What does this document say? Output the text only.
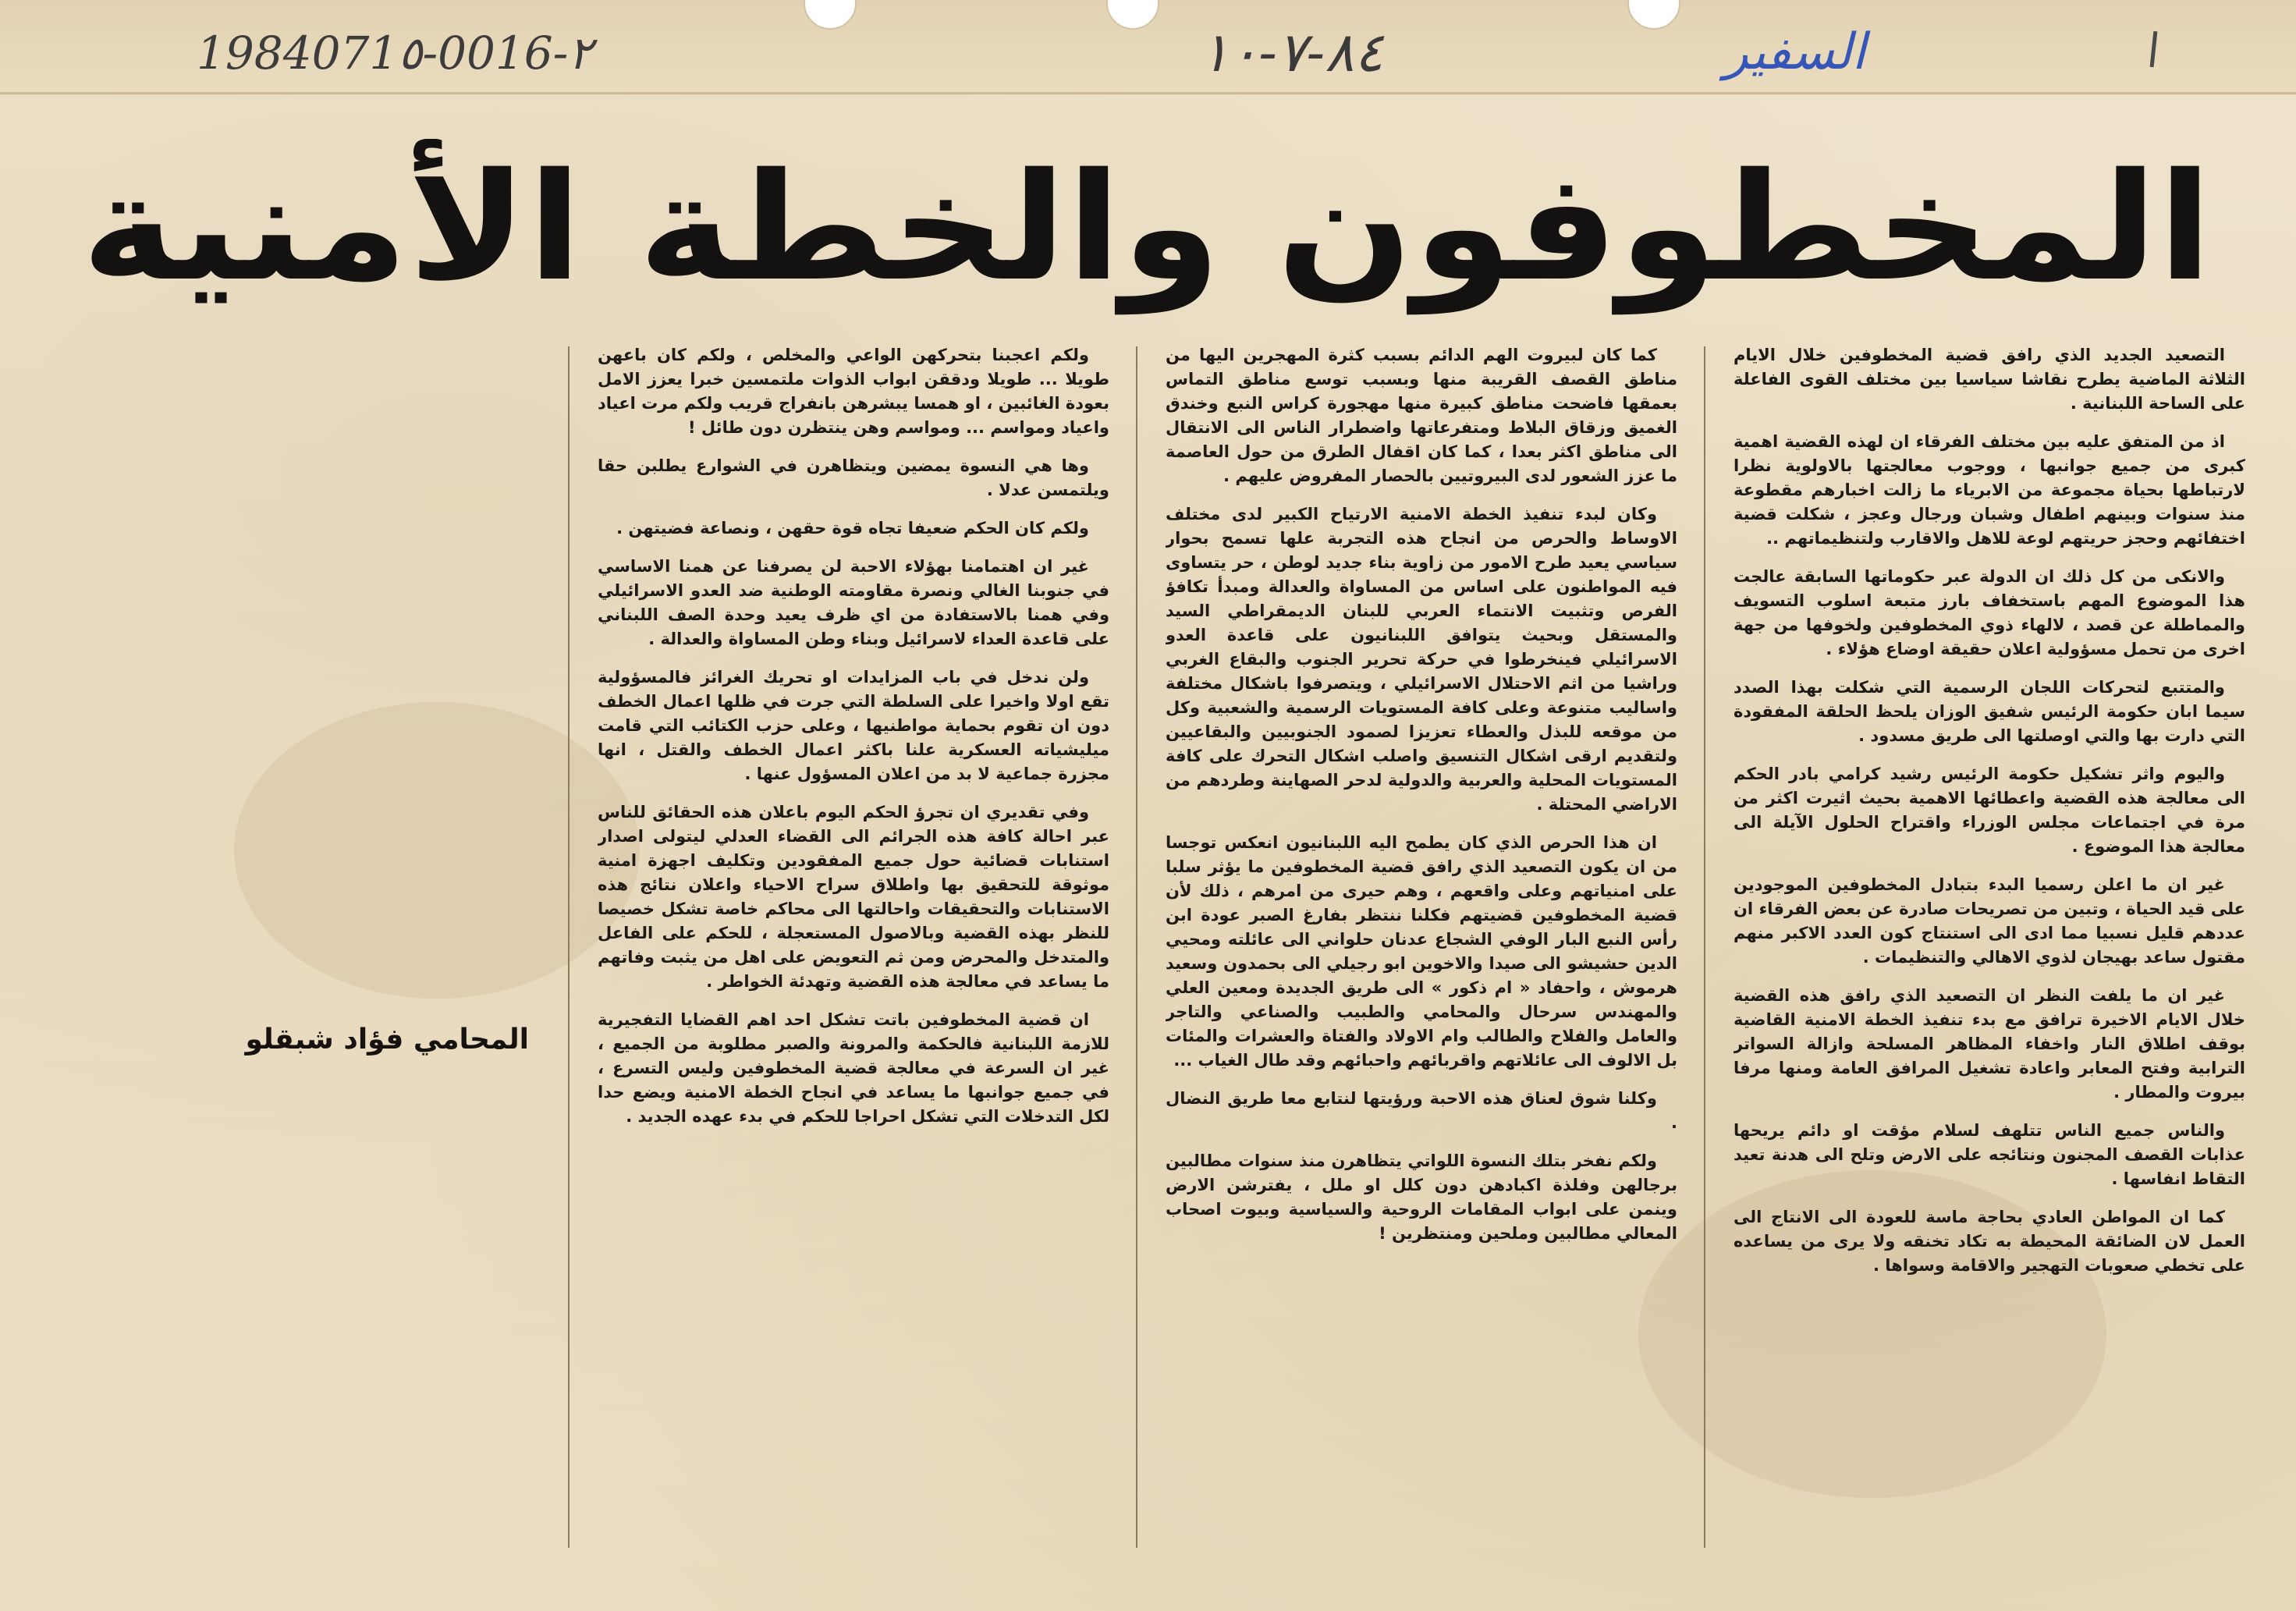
1984071٥-0016-٢	٨٤-٧-١٠	السفير
المخطوفون والخطة الأمنية

التصعيد الجديد الذي رافق قضية المخطوفين خلال الايام الثلاثة الماضية يطرح نقاشا سياسيا بين مختلف القوى الفاعلة على الساحة اللبنانية .

اذ من المتفق عليه بين مختلف الفرقاء ان لهذه القضية اهمية كبرى من جميع جوانبها ، ووجوب معالجتها بالاولوية نظرا لارتباطها بحياة مجموعة من الابرياء ما زالت اخبارهم مقطوعة منذ سنوات وبينهم اطفال وشبان ورجال وعجز ، شكلت قضية اختفائهم وحجز حريتهم لوعة للاهل والاقارب ولتنظيماتهم ..

والانكى من كل ذلك ان الدولة عبر حكوماتها السابقة عالجت هذا الموضوع المهم باستخفاف بارز متبعة اسلوب التسويف والمماطلة عن قصد ، لالهاء ذوي المخطوفين ولخوفها من جهة اخرى من تحمل مسؤولية اعلان حقيقة اوضاع هؤلاء .

والمتتبع لتحركات اللجان الرسمية التي شكلت بهذا الصدد سيما ابان حكومة الرئيس شفيق الوزان يلحظ الحلقة المفقودة التي دارت بها والتي اوصلتها الى طريق مسدود .

واليوم واثر تشكيل حكومة الرئيس رشيد كرامي بادر الحكم الى معالجة هذه القضية واعطائها الاهمية بحيث اثيرت اكثر من مرة في اجتماعات مجلس الوزراء واقتراح الحلول الآيلة الى معالجة هذا الموضوع .

غير ان ما اعلن رسميا البدء بتبادل المخطوفين الموجودين على قيد الحياة ، وتبين من تصريحات صادرة عن بعض الفرقاء ان عددهم قليل نسبيا مما ادى الى استنتاج كون العدد الاكبر منهم مقتول ساعد بهيجان لذوي الاهالي والتنظيمات .

غير ان ما يلفت النظر ان التصعيد الذي رافق هذه القضية خلال الايام الاخيرة ترافق مع بدء تنفيذ الخطة الامنية القاضية بوقف اطلاق النار واخفاء المظاهر المسلحة وازالة السواتر الترابية وفتح المعابر واعادة تشغيل المرافق العامة ومنها مرفا بيروت والمطار .

والناس جميع الناس تتلهف لسلام مؤقت او دائم يريحها عذابات القصف المجنون ونتائجه على الارض وتلح الى هدنة تعيد التقاط انفاسها .

كما ان المواطن العادي بحاجة ماسة للعودة الى الانتاج الى العمل لان الضائقة المحيطة به تكاد تخنقه ولا يرى من يساعده على تخطي صعوبات التهجير والاقامة وسواها .

كما كان لبيروت الهم الدائم بسبب كثرة المهجرين اليها من مناطق القصف القريبة منها وبسبب توسع مناطق التماس بعمقها فاضحت مناطق كبيرة منها مهجورة كراس النبع وخندق الغميق وزقاق البلاط ومتفرعاتها واضطرار الناس الى الانتقال الى مناطق اكثر بعدا ، كما كان اقفال الطرق من حول العاصمة ما عزز الشعور لدى البيروتيين بالحصار المفروض عليهم .

وكان لبدء تنفيذ الخطة الامنية الارتياح الكبير لدى مختلف الاوساط والحرص من انجاح هذه التجربة علها تسمح بحوار سياسي يعيد طرح الامور من زاوية بناء جديد لوطن ، حر يتساوى فيه المواطنون على اساس من المساواة والعدالة ومبدأ تكافؤ الفرص وتثبيت الانتماء العربي للبنان الديمقراطي السيد والمستقل وبحيث يتوافق اللبنانيون على قاعدة العدو الاسرائيلي فينخرطوا في حركة تحرير الجنوب والبقاع الغربي وراشيا من اثم الاحتلال الاسرائيلي ، ويتصرفوا باشكال مختلفة واساليب متنوعة وعلى كافة المستويات الرسمية والشعبية وكل من موقعه للبذل والعطاء تعزيزا لصمود الجنوبيين والبقاعيين ولتقديم ارقى اشكال التنسيق واصلب اشكال التحرك على كافة المستويات المحلية والعربية والدولية لدحر الصهاينة وطردهم من الاراضي المحتلة .

ان هذا الحرص الذي كان يطمح اليه اللبنانيون انعكس توجسا من ان يكون التصعيد الذي رافق قضية المخطوفين ما يؤثر سلبا على امنياتهم وعلى واقعهم ، وهم حيرى من امرهم ، ذلك لأن قضية المخطوفين قضيتهم فكلنا ننتظر بفارغ الصبر عودة ابن رأس النبع البار الوفي الشجاع عدنان حلواني الى عائلته ومحيي الدين حشيشو الى صيدا والاخوين ابو رجيلي الى بحمدون وسعيد هرموش ، واحفاد « ام ذكور » الى طريق الجديدة ومعين العلي والمهندس سرحال والمحامي والطبيب والصناعي والتاجر والعامل والفلاح والطالب وام الاولاد والفتاة والعشرات والمئات بل الالوف الى عائلاتهم واقربائهم واحبائهم وقد طال الغياب ...

وكلنا شوق لعناق هذه الاحبة ورؤيتها لنتابع معا طريق النضال .

ولكم نفخر بتلك النسوة اللواتي يتظاهرن منذ سنوات مطالبين برجالهن وفلذة اكبادهن دون كلل او ملل ، يفترشن الارض وينمن على ابواب المقامات الروحية والسياسية وبيوت اصحاب المعالي مطالبين وملحين ومنتظرين !

ولكم اعجبنا بتحركهن الواعي والمخلص ، ولكم كان باعهن طويلا ... طويلا ودققن ابواب الذوات ملتمسين خبرا يعزز الامل بعودة الغائبين ، او همسا يبشرهن بانفراج قريب ولكم مرت اعياد واعياد ومواسم ... ومواسم وهن ينتظرن دون طائل !

وها هي النسوة يمضين ويتظاهرن في الشوارع يطلبن حقا ويلتمسن عدلا .

ولكم كان الحكم ضعيفا تجاه قوة حقهن ، ونصاعة فضيتهن .

غير ان اهتمامنا بهؤلاء الاحبة لن يصرفنا عن همنا الاساسي في جنوبنا الغالي ونصرة مقاومته الوطنية ضد العدو الاسرائيلي وفي همنا بالاستفادة من اي ظرف يعيد وحدة الصف اللبناني على قاعدة العداء لاسرائيل وبناء وطن المساواة والعدالة .

ولن ندخل في باب المزايدات او تحريك الغرائز فالمسؤولية تقع اولا واخيرا على السلطة التي جرت في ظلها اعمال الخطف دون ان تقوم بحماية مواطنيها ، وعلى حزب الكتائب التي قامت ميليشياته العسكرية علنا باكثر اعمال الخطف والقتل ، انها مجزرة جماعية لا بد من اعلان المسؤول عنها .

وفي تقديري ان تجرؤ الحكم اليوم باعلان هذه الحقائق للناس عبر احالة كافة هذه الجرائم الى القضاء العدلي ليتولى اصدار استنابات قضائية حول جميع المفقودين وتكليف اجهزة امنية موثوقة للتحقيق بها واطلاق سراح الاحياء واعلان نتائج هذه الاستنابات والتحقيقات واحالتها الى محاكم خاصة تشكل خصيصا للنظر بهذه القضية وبالاصول المستعجلة ، للحكم على الفاعل والمتدخل والمحرض ومن ثم التعويض على اهل من يثبت وفاتهم ما يساعد في معالجة هذه القضية وتهدئة الخواطر .

ان قضية المخطوفين باتت تشكل احد اهم القضايا التفجيرية للازمة اللبنانية فالحكمة والمرونة والصبر مطلوبة من الجميع ، غير ان السرعة في معالجة قضية المخطوفين وليس التسرع ، في جميع جوانبها ما يساعد في انجاح الخطة الامنية ويضع حدا لكل التدخلات التي تشكل احراجا للحكم في بدء عهده الجديد .

المحامي فؤاد شبقلو
